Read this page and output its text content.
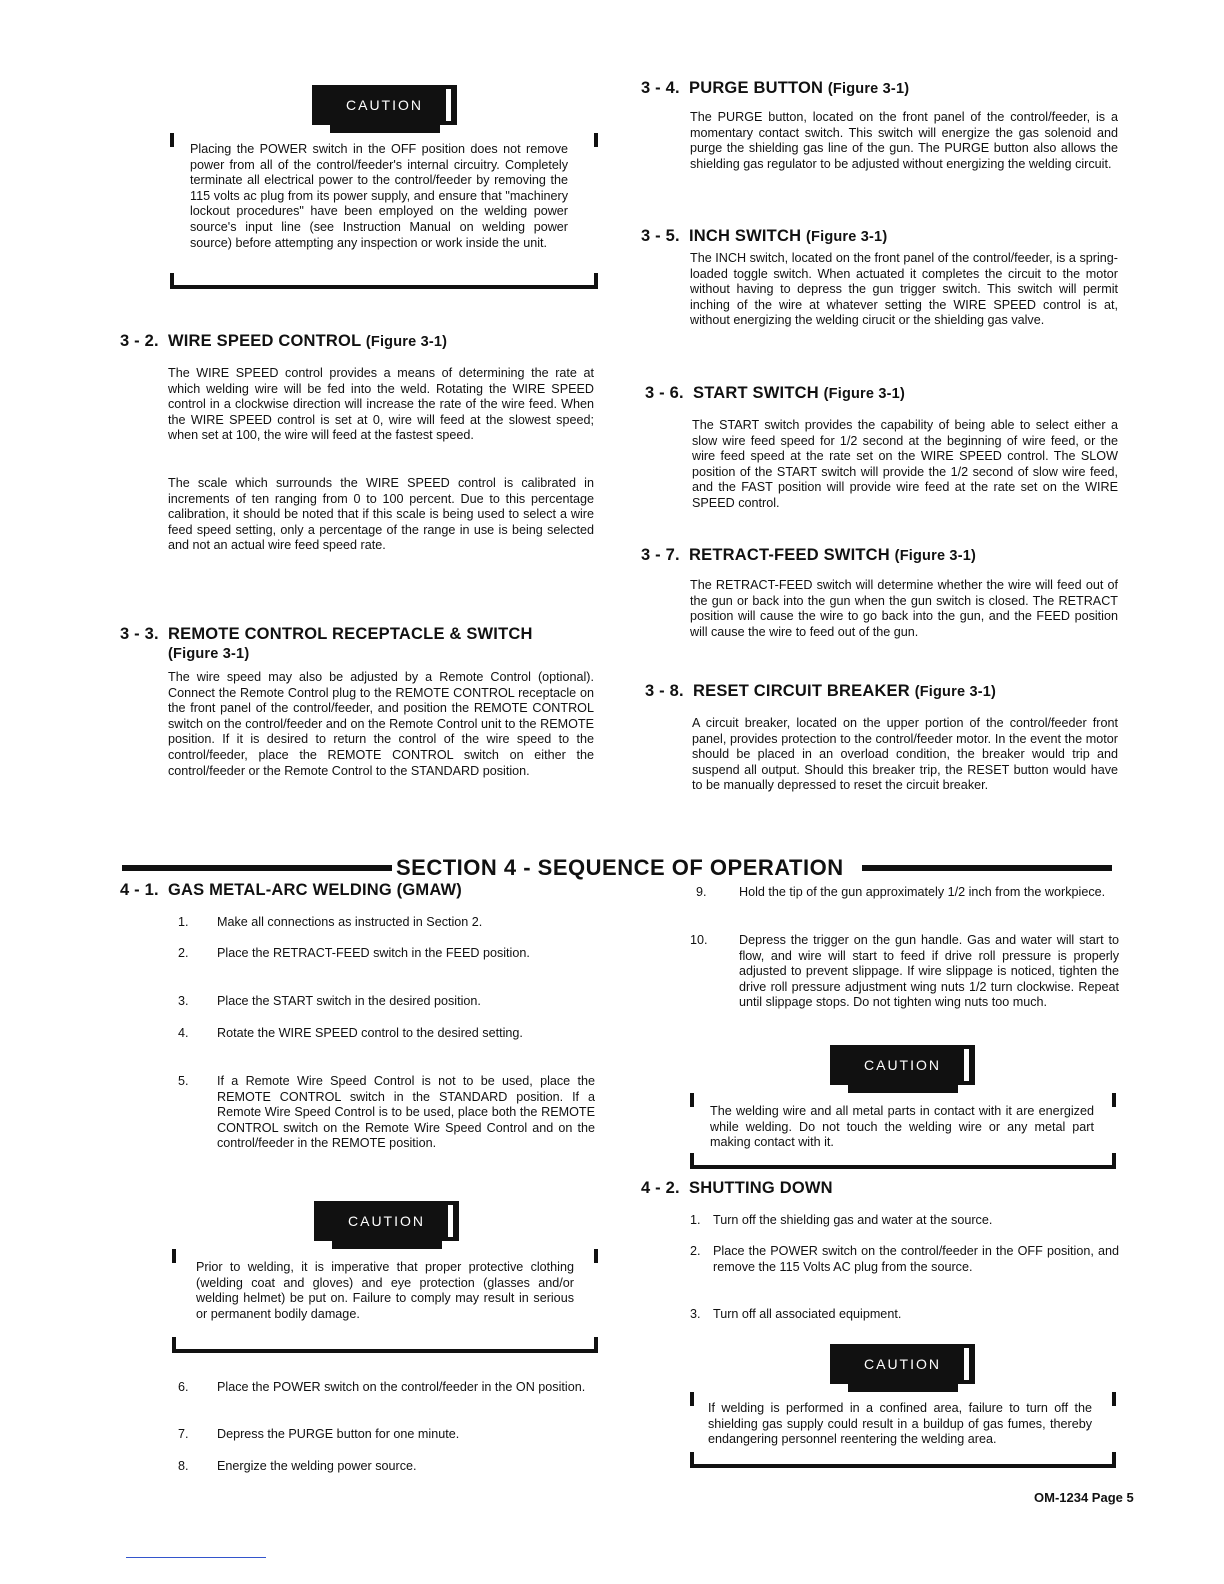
CAUTION

Placing the POWER switch in the OFF position does not remove power from all of the control/feeder's internal circuitry. Completely terminate all electrical power to the control/feeder by removing the 115 volts ac plug from its power supply, and ensure that "machinery lockout procedures" have been employed on the welding power source's input line (see Instruction Manual on welding power source) before attempting any inspection or work inside the unit.

3 - 2. WIRE SPEED CONTROL (Figure 3-1)

The WIRE SPEED control provides a means of determining the rate at which welding wire will be fed into the weld. Rotating the WIRE SPEED control in a clockwise direction will increase the rate of the wire feed. When the WIRE SPEED control is set at 0, wire will feed at the slowest speed; when set at 100, the wire will feed at the fastest speed.

The scale which surrounds the WIRE SPEED control is calibrated in increments of ten ranging from 0 to 100 percent. Due to this percentage calibration, it should be noted that if this scale is being used to select a wire feed speed setting, only a percentage of the range in use is being selected and not an actual wire feed speed rate.

3 - 3. REMOTE CONTROL RECEPTACLE & SWITCH
(Figure 3-1)

The wire speed may also be adjusted by a Remote Control (optional). Connect the Remote Control plug to the REMOTE CONTROL receptacle on the front panel of the control/feeder, and position the REMOTE CONTROL switch on the control/feeder and on the Remote Control unit to the REMOTE position. If it is desired to return the control of the wire speed to the control/feeder, place the REMOTE CONTROL switch on either the control/feeder or the Remote Control to the STANDARD position.

3 - 4. PURGE BUTTON (Figure 3-1)

The PURGE button, located on the front panel of the control/feeder, is a momentary contact switch. This switch will energize the gas solenoid and purge the shielding gas line of the gun. The PURGE button also allows the shielding gas regulator to be adjusted without energizing the welding circuit.

3 - 5. INCH SWITCH (Figure 3-1)

The INCH switch, located on the front panel of the control/feeder, is a spring-loaded toggle switch. When actuated it completes the circuit to the motor without having to depress the gun trigger switch. This switch will permit inching of the wire at whatever setting the WIRE SPEED control is at, without energizing the welding cirucit or the shielding gas valve.

3 - 6. START SWITCH (Figure 3-1)

The START switch provides the capability of being able to select either a slow wire feed speed for 1/2 second at the beginning of wire feed, or the wire feed speed at the rate set on the WIRE SPEED control. The SLOW position of the START switch will provide the 1/2 second of slow wire feed, and the FAST position will provide wire feed at the rate set on the WIRE SPEED control.

3 - 7. RETRACT-FEED SWITCH (Figure 3-1)

The RETRACT-FEED switch will determine whether the wire will feed out of the gun or back into the gun when the gun switch is closed. The RETRACT position will cause the wire to go back into the gun, and the FEED position will cause the wire to feed out of the gun.

3 - 8. RESET CIRCUIT BREAKER (Figure 3-1)

A circuit breaker, located on the upper portion of the control/feeder front panel, provides protection to the control/feeder motor. In the event the motor should be placed in an overload condition, the breaker would trip and suspend all output. Should this breaker trip, the RESET button would have to be manually depressed to reset the circuit breaker.

SECTION 4 - SEQUENCE OF OPERATION
4 - 1. GAS METAL-ARC WELDING (GMAW)
1. Make all connections as instructed in Section 2.
2. Place the RETRACT-FEED switch in the FEED position.
3. Place the START switch in the desired position.
4. Rotate the WIRE SPEED control to the desired setting.
5. If a Remote Wire Speed Control is not to be used, place the REMOTE CONTROL switch in the STANDARD position. If a Remote Wire Speed Control is to be used, place both the REMOTE CONTROL switch on the Remote Wire Speed Control and on the control/feeder in the REMOTE position.
CAUTION

Prior to welding, it is imperative that proper protective clothing (welding coat and gloves) and eye protection (glasses and/or welding helmet) be put on. Failure to comply may result in serious or permanent bodily damage.

6. Place the POWER switch on the control/feeder in the ON position.
7. Depress the PURGE button for one minute.
8. Energize the welding power source.
9.	Hold the tip of the gun approximately 1/2 inch from the workpiece.
10. Depress the trigger on the gun handle. Gas and water will start to flow, and wire will start to feed if drive roll pressure is properly adjusted to prevent slippage. If wire slippage is noticed, tighten the drive roll pressure adjustment wing nuts 1/2 turn clockwise. Repeat until slippage stops. Do not tighten wing nuts too much.
CAUTION

The welding wire and all metal parts in contact with it are energized while welding. Do not touch the welding wire or any metal part making contact with it.

4 - 2. SHUTTING DOWN
1. Turn off the shielding gas and water at the source.
2. Place the POWER switch on the control/feeder in the OFF position, and remove the 115 Volts AC plug from the source.
3. Turn off all associated equipment.
CAUTION

If welding is performed in a confined area, failure to turn off the shielding gas supply could result in a buildup of gas fumes, thereby endangering personnel reentering the welding area.

OM-1234 Page 5
